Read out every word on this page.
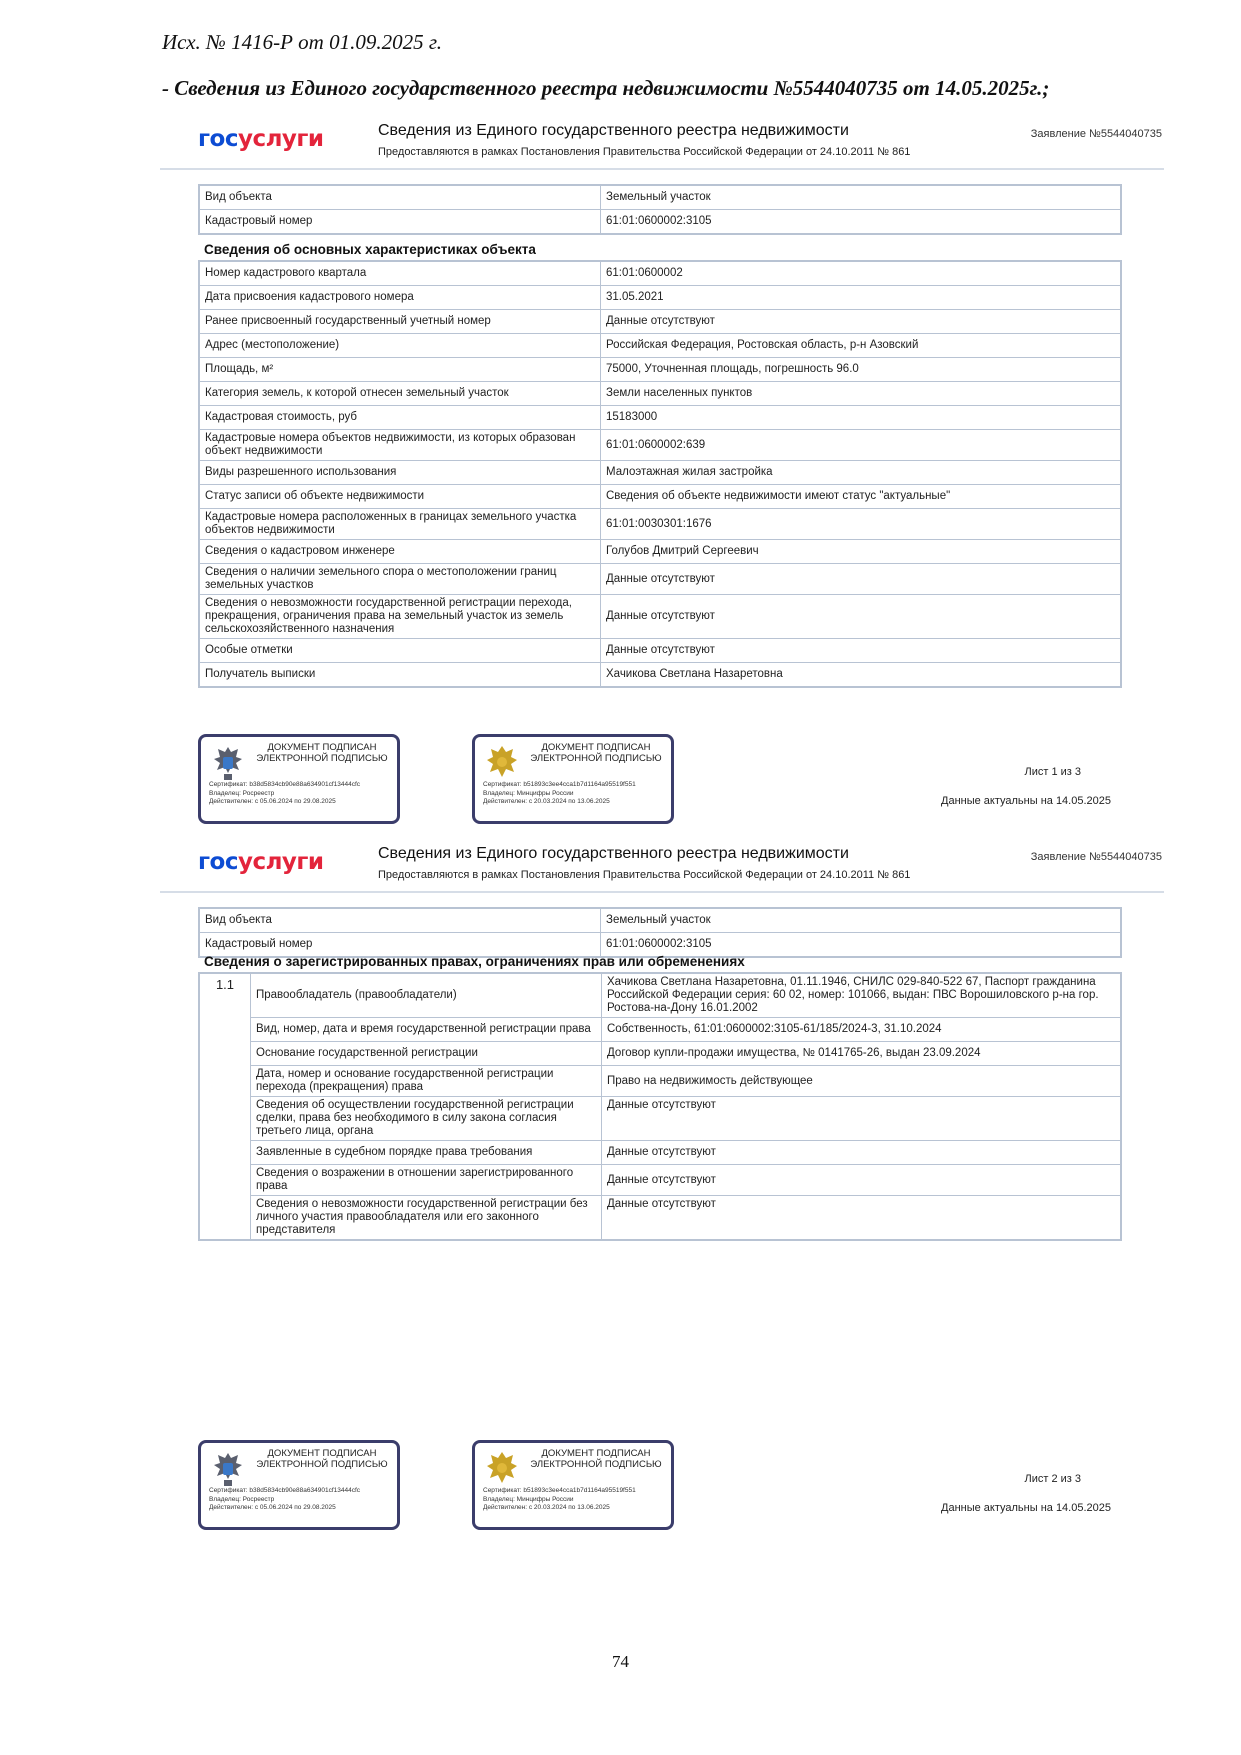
Исх. № 1416-Р от 01.09.2025 г.
- Сведения из Единого государственного реестра недвижимости №5544040735 от 14.05.2025г.;
госуслуги	Сведения из Единого государственного реестра недвижимости
Предоставляются в рамках Постановления Правительства Российской Федерации от 24.10.2011 № 861
Заявление №5544040735
Вид объекта	Земельный участок
Кадастровый номер	61:01:0600002:3105
Сведения об основных характеристиках объекта
Номер кадастрового квартала	61:01:0600002
Дата присвоения кадастрового номера	31.05.2021
Ранее присвоенный государственный учетный номер	Данные отсутствуют
Адрес (местоположение)	Российская Федерация, Ростовская область, р-н Азовский
Площадь, м²	75000, Уточненная площадь, погрешность 96.0
Категория земель, к которой отнесен земельный участок	Земли населенных пунктов
Кадастровая стоимость, руб	15183000
Кадастровые номера объектов недвижимости, из которых образован объект недвижимости	61:01:0600002:639
Виды разрешенного использования	Малоэтажная жилая застройка
Статус записи об объекте недвижимости	Сведения об объекте недвижимости имеют статус "актуальные"
Кадастровые номера расположенных в границах земельного участка объектов недвижимости	61:01:0030301:1676
Сведения о кадастровом инженере	Голубов Дмитрий Сергеевич
Сведения о наличии земельного спора о местоположении границ земельных участков	Данные отсутствуют
Сведения о невозможности государственной регистрации перехода, прекращения, ограничения права на земельный участок из земель сельскохозяйственного назначения	Данные отсутствуют
Особые отметки	Данные отсутствуют
Получатель выписки	Хачикова Светлана Назаретовна
ДОКУМЕНТ ПОДПИСАН ЭЛЕКТРОННОЙ ПОДПИСЬЮ
Сертификат: b38d5834cb90e88a634901cf13444cfc
Владелец: Росреестр
Действителен: с 05.06.2024 по 29.08.2025
ДОКУМЕНТ ПОДПИСАН ЭЛЕКТРОННОЙ ПОДПИСЬЮ
Сертификат: b51893c3ee4cca1b7d1164a95519f551
Владелец: Минцифры России
Действителен: с 20.03.2024 по 13.06.2025
Лист 1 из 3
Данные актуальны на 14.05.2025
госуслуги	Сведения из Единого государственного реестра недвижимости
Предоставляются в рамках Постановления Правительства Российской Федерации от 24.10.2011 № 861
Заявление №5544040735
Вид объекта	Земельный участок
Кадастровый номер	61:01:0600002:3105
Сведения о зарегистрированных правах, ограничениях прав или обременениях
1.1	Правообладатель (правообладатели)	Хачикова Светлана Назаретовна, 01.11.1946, СНИЛС 029-840-522 67, Паспорт гражданина Российской Федерации серия: 60 02, номер: 101066, выдан: ПВС Ворошиловского р-на гор. Ростова-на-Дону 16.01.2002
	Вид, номер, дата и время государственной регистрации права	Собственность, 61:01:0600002:3105-61/185/2024-3, 31.10.2024
	Основание государственной регистрации	Договор купли-продажи имущества, № 0141765-26, выдан 23.09.2024
	Дата, номер и основание государственной регистрации перехода (прекращения) права	Право на недвижимость действующее
	Сведения об осуществлении государственной регистрации сделки, права без необходимого в силу закона согласия третьего лица, органа	Данные отсутствуют
	Заявленные в судебном порядке права требования	Данные отсутствуют
	Сведения о возражении в отношении зарегистрированного права	Данные отсутствуют
	Сведения о невозможности государственной регистрации без личного участия правообладателя или его законного представителя	Данные отсутствуют
ДОКУМЕНТ ПОДПИСАН ЭЛЕКТРОННОЙ ПОДПИСЬЮ
Сертификат: b38d5834cb90e88a634901cf13444cfc
Владелец: Росреестр
Действителен: с 05.06.2024 по 29.08.2025
ДОКУМЕНТ ПОДПИСАН ЭЛЕКТРОННОЙ ПОДПИСЬЮ
Сертификат: b51893c3ee4cca1b7d1164a95519f551
Владелец: Минцифры России
Действителен: с 20.03.2024 по 13.06.2025
Лист 2 из 3
Данные актуальны на 14.05.2025
74
